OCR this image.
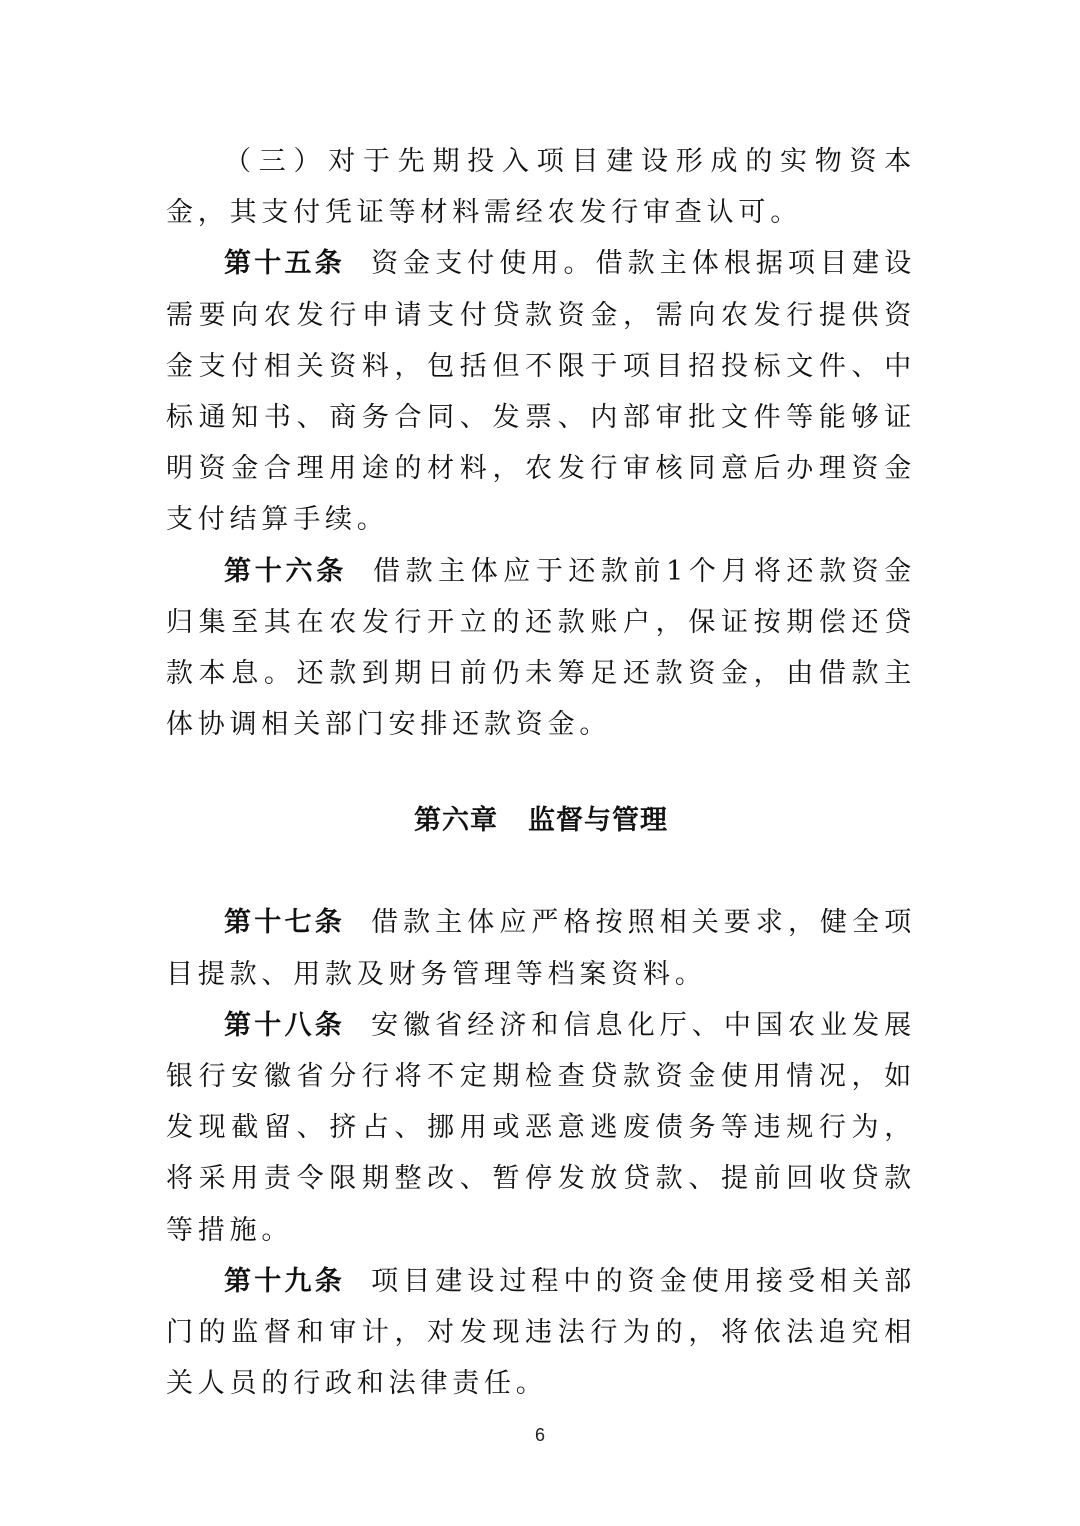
（三）对于先期投入项目建设形成的实物资本金，其支付凭证等材料需经农发行审查认可。

第十五条 资金支付使用。借款主体根据项目建设需要向农发行申请支付贷款资金，需向农发行提供资金支付相关资料，包括但不限于项目招投标文件、中标通知书、商务合同、发票、内部审批文件等能够证明资金合理用途的材料，农发行审核同意后办理资金支付结算手续。

第十六条 借款主体应于还款前1个月将还款资金归集至其在农发行开立的还款账户，保证按期偿还贷款本息。还款到期日前仍未筹足还款资金，由借款主体协调相关部门安排还款资金。

第六章 监督与管理

第十七条 借款主体应严格按照相关要求，健全项目提款、用款及财务管理等档案资料。

第十八条 安徽省经济和信息化厅、中国农业发展银行安徽省分行将不定期检查贷款资金使用情况，如发现截留、挤占、挪用或恶意逃废债务等违规行为，将采用责令限期整改、暂停发放贷款、提前回收贷款等措施。

第十九条 项目建设过程中的资金使用接受相关部门的监督和审计，对发现违法行为的，将依法追究相关人员的行政和法律责任。

6
